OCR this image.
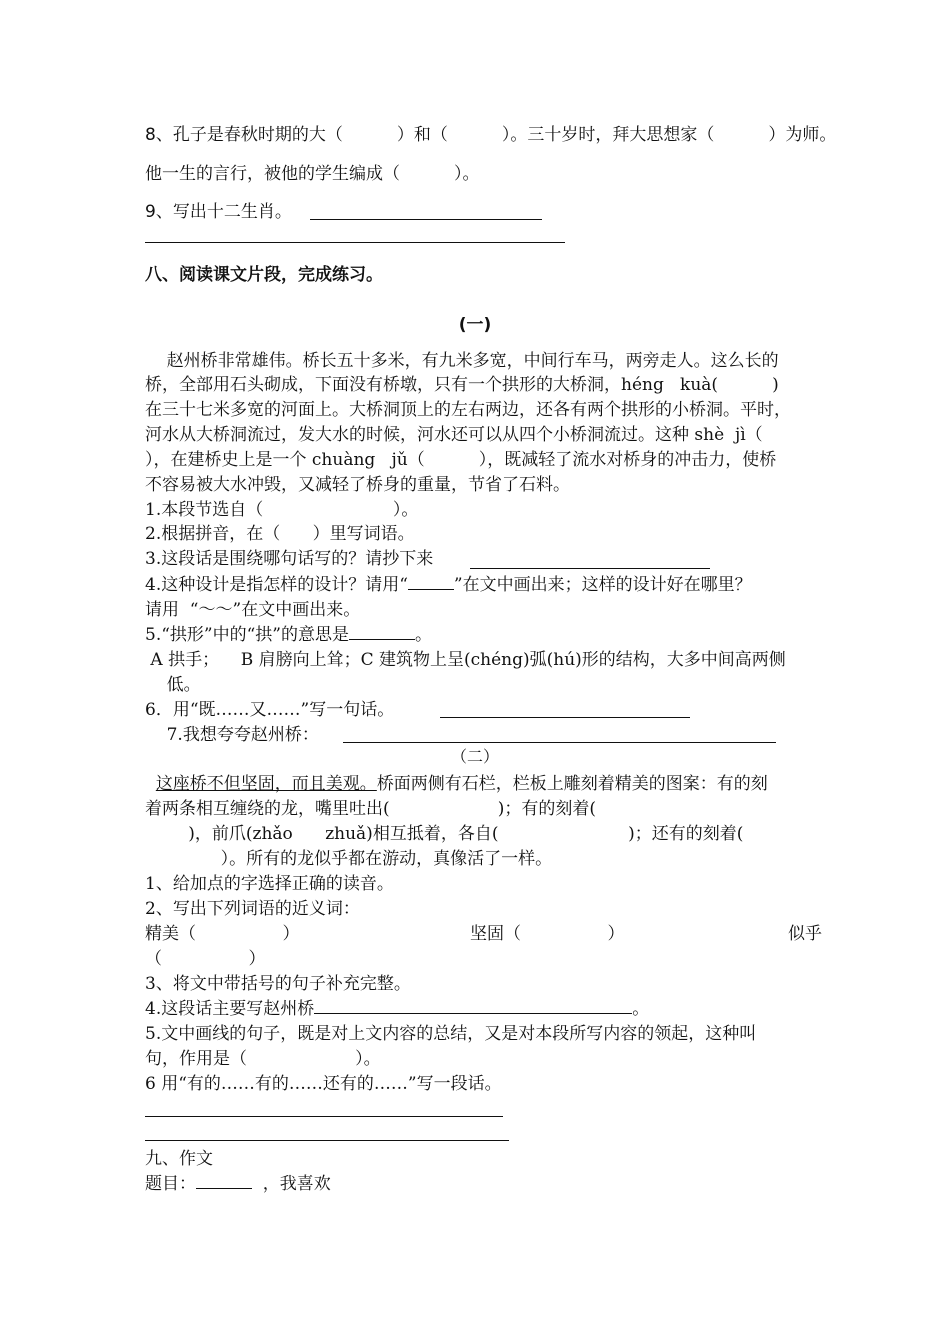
8、孔子是春秋时期的大（          ）和（          ）。三十岁时，拜大思想家（          ）为师。
他一生的言行，被他的学生编成（          ）。
9、写出十二生肖。
八、阅读课文片段，完成练习。
(一)
赵州桥非常雄伟。桥长五十多米，有九米多宽，中间行车马，两旁走人。这么长的
桥，全部用石头砌成，下面没有桥墩，只有一个拱形的大桥洞，héng   kuà(          )
在三十七米多宽的河面上。大桥洞顶上的左右两边，还各有两个拱形的小桥洞。平时，
河水从大桥洞流过，发大水的时候，河水还可以从四个小桥洞流过。这种 shè  jì（
），在建桥史上是一个 chuàng   jǔ（          ），既减轻了流水对桥身的冲击力，使桥
不容易被大水冲毁，又减轻了桥身的重量，节省了石料。
1.本段节选自（                        ）。
2.根据拼音，在（      ）里写词语。
3.这段话是围绕哪句话写的？请抄下来
4.这种设计是指怎样的设计？请用“	”在文中画出来；这样的设计好在哪里？
请用  “～～”在文中画出来。
5.“拱形”中的“拱”的意思是	。
A 拱手；    B 肩膀向上耸；C 建筑物上呈(chéng)弧(hú)形的结构，大多中间高两侧
低。
6．用“既……又……”写一句话。
7.我想夸夸赵州桥：
（二）
这座桥不但坚固，而且美观。桥面两侧有石栏，栏板上雕刻着精美的图案：有的刻
着两条相互缠绕的龙，嘴里吐出(                    )；有的刻着(
)，前爪(zhǎo      zhuǎ)相互抵着，各自(                        )；还有的刻着(
）。所有的龙似乎都在游动，真像活了一样。
1、给加点的字选择正确的读音。
2、写出下列词语的近义词：
精美（                ）	坚固（                ）	似乎
（                ）
3、将文中带括号的句子补充完整。
4.这段话主要写赵州桥	。
5.文中画线的句子，既是对上文内容的总结，又是对本段所写内容的领起，这种叫
句，作用是（                    ）。
6 用“有的……有的……还有的……”写一段话。
九、作文
题目：	，我喜欢
